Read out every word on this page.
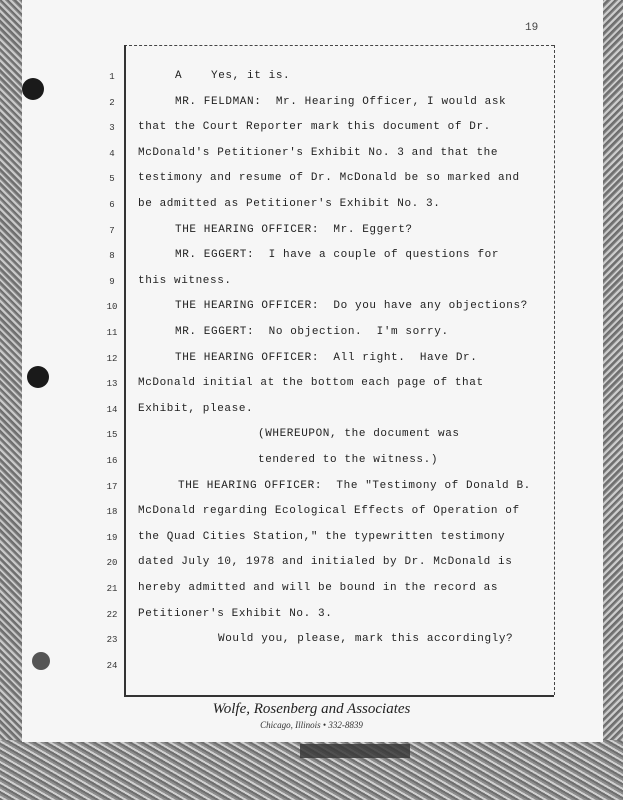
19
1	A    Yes, it is.
2	MR. FELDMAN:  Mr. Hearing Officer, I would ask
3	that the Court Reporter mark this document of Dr.
4	McDonald's Petitioner's Exhibit No. 3 and that the
5	testimony and resume of Dr. McDonald be so marked and
6	be admitted as Petitioner's Exhibit No. 3.
7	THE HEARING OFFICER:  Mr. Eggert?
8	MR. EGGERT:  I have a couple of questions for
9	this witness.
10	THE HEARING OFFICER:  Do you have any objections?
11	MR. EGGERT:  No objection.  I'm sorry.
12	THE HEARING OFFICER:  All right.  Have Dr.
13	McDonald initial at the bottom each page of that
14	Exhibit, please.
15	(WHEREUPON, the document was
16	tendered to the witness.)
17	THE HEARING OFFICER:  The "Testimony of Donald B.
18	McDonald regarding Ecological Effects of Operation of
19	the Quad Cities Station," the typewritten testimony
20	dated July 10, 1978 and initialed by Dr. McDonald is
21	hereby admitted and will be bound in the record as
22	Petitioner's Exhibit No. 3.
23	Would you, please, mark this accordingly?
24
Wolfe, Rosenberg and Associates
Chicago, Illinois • 332-8839
